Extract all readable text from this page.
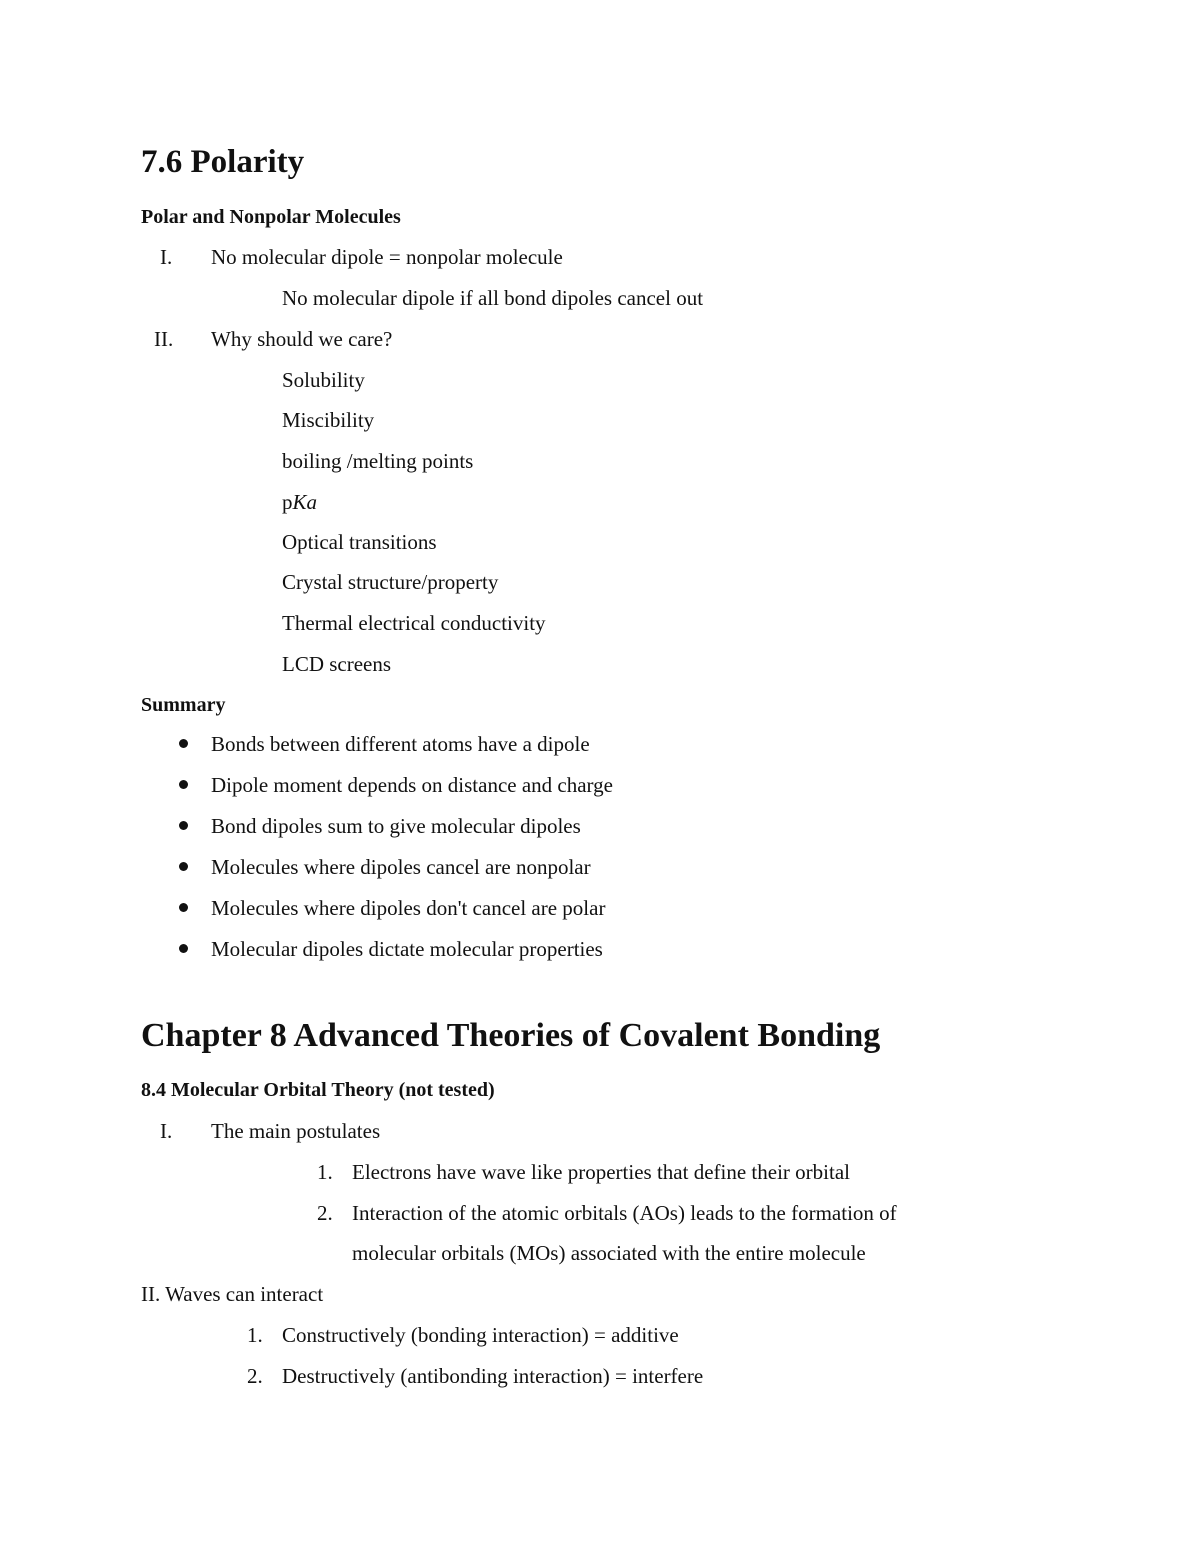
7.6 Polarity
Polar and Nonpolar Molecules
I. No molecular dipole = nonpolar molecule
No molecular dipole if all bond dipoles cancel out
II. Why should we care?
Solubility
Miscibility
boiling /melting points
pKa
Optical transitions
Crystal structure/property
Thermal electrical conductivity
LCD screens
Summary
Bonds between different atoms have a dipole
Dipole moment depends on distance and charge
Bond dipoles sum to give molecular dipoles
Molecules where dipoles cancel are nonpolar
Molecules where dipoles don't cancel are polar
Molecular dipoles dictate molecular properties
Chapter 8 Advanced Theories of Covalent Bonding
8.4 Molecular Orbital Theory (not tested)
I. The main postulates
1. Electrons have wave like properties that define their orbital
2. Interaction of the atomic orbitals (AOs) leads to the formation of
molecular orbitals (MOs) associated with the entire molecule
II. Waves can interact
1. Constructively (bonding interaction) = additive
2. Destructively (antibonding interaction) = interfere
